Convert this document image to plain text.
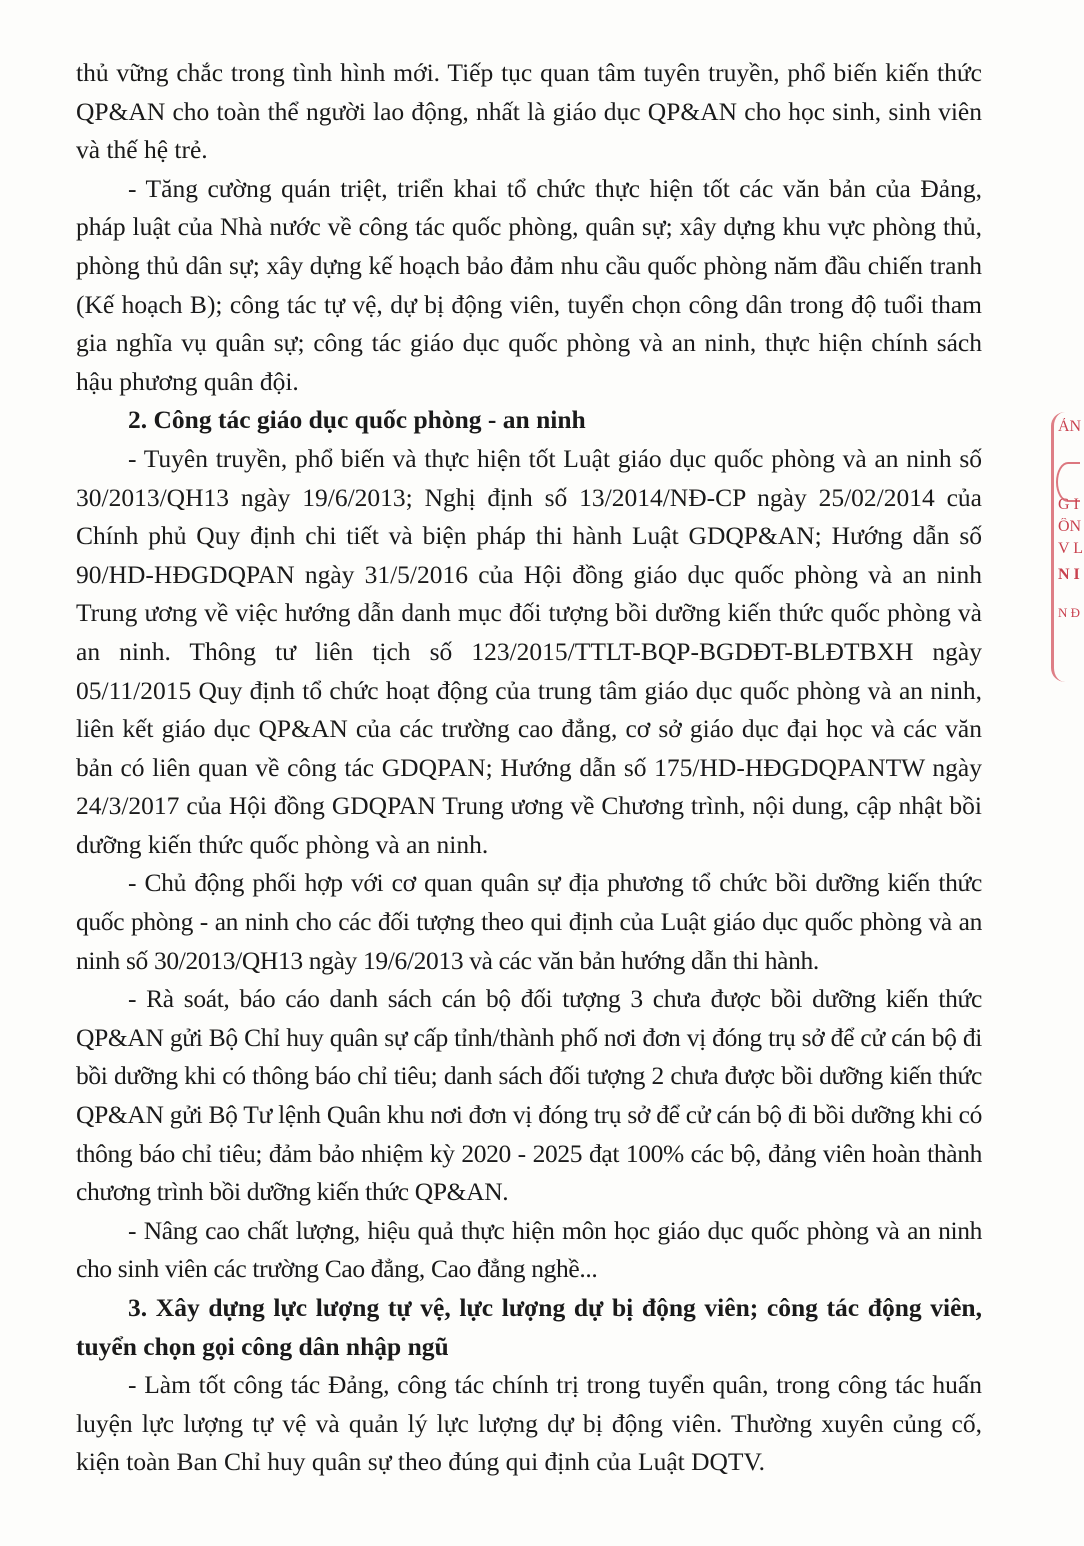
thủ vững chắc trong tình hình mới. Tiếp tục quan tâm tuyên truyền, phổ biến kiến thức QP&AN cho toàn thể người lao động, nhất là giáo dục QP&AN cho học sinh, sinh viên và thế hệ trẻ.

- Tăng cường quán triệt, triển khai tổ chức thực hiện tốt các văn bản của Đảng, pháp luật của Nhà nước về công tác quốc phòng, quân sự; xây dựng khu vực phòng thủ, phòng thủ dân sự; xây dựng kế hoạch bảo đảm nhu cầu quốc phòng năm đầu chiến tranh (Kế hoạch B); công tác tự vệ, dự bị động viên, tuyển chọn công dân trong độ tuổi tham gia nghĩa vụ quân sự; công tác giáo dục quốc phòng và an ninh, thực hiện chính sách hậu phương quân đội.

2. Công tác giáo dục quốc phòng - an ninh

- Tuyên truyền, phổ biến và thực hiện tốt Luật giáo dục quốc phòng và an ninh số 30/2013/QH13 ngày 19/6/2013; Nghị định số 13/2014/NĐ-CP ngày 25/02/2014 của Chính phủ Quy định chi tiết và biện pháp thi hành Luật GDQP&AN; Hướng dẫn số 90/HD-HĐGDQPAN ngày 31/5/2016 của Hội đồng giáo dục quốc phòng và an ninh Trung ương về việc hướng dẫn danh mục đối tượng bồi dưỡng kiến thức quốc phòng và an ninh. Thông tư liên tịch số 123/2015/TTLT-BQP-BGDĐT-BLĐTBXH ngày 05/11/2015 Quy định tổ chức hoạt động của trung tâm giáo dục quốc phòng và an ninh, liên kết giáo dục QP&AN của các trường cao đẳng, cơ sở giáo dục đại học và các văn bản có liên quan về công tác GDQPAN; Hướng dẫn số 175/HD-HĐGDQPANTW ngày 24/3/2017 của Hội đồng GDQPAN Trung ương về Chương trình, nội dung, cập nhật bồi dưỡng kiến thức quốc phòng và an ninh.

- Chủ động phối hợp với cơ quan quân sự địa phương tổ chức bồi dưỡng kiến thức quốc phòng - an ninh cho các đối tượng theo qui định của Luật giáo dục quốc phòng và an ninh số 30/2013/QH13 ngày 19/6/2013 và các văn bản hướng dẫn thi hành.

- Rà soát, báo cáo danh sách cán bộ đối tượng 3 chưa được bồi dưỡng kiến thức QP&AN gửi Bộ Chỉ huy quân sự cấp tỉnh/thành phố nơi đơn vị đóng trụ sở để cử cán bộ đi bồi dưỡng khi có thông báo chỉ tiêu; danh sách đối tượng 2 chưa được bồi dưỡng kiến thức QP&AN gửi Bộ Tư lệnh Quân khu nơi đơn vị đóng trụ sở để cử cán bộ đi bồi dưỡng khi có thông báo chỉ tiêu; đảm bảo nhiệm kỳ 2020 - 2025 đạt 100% các bộ, đảng viên hoàn thành chương trình bồi dưỡng kiến thức QP&AN.

- Nâng cao chất lượng, hiệu quả thực hiện môn học giáo dục quốc phòng và an ninh cho sinh viên các trường Cao đẳng, Cao đẳng nghề...

3. Xây dựng lực lượng tự vệ, lực lượng dự bị động viên; công tác động viên, tuyển chọn gọi công dân nhập ngũ

- Làm tốt công tác Đảng, công tác chính trị trong tuyển quân, trong công tác huấn luyện lực lượng tự vệ và quản lý lực lượng dự bị động viên. Thường xuyên củng cố, kiện toàn Ban Chỉ huy quân sự theo đúng qui định của Luật DQTV.

ẢN
G I
ÔN
V L
N I
N Đ
